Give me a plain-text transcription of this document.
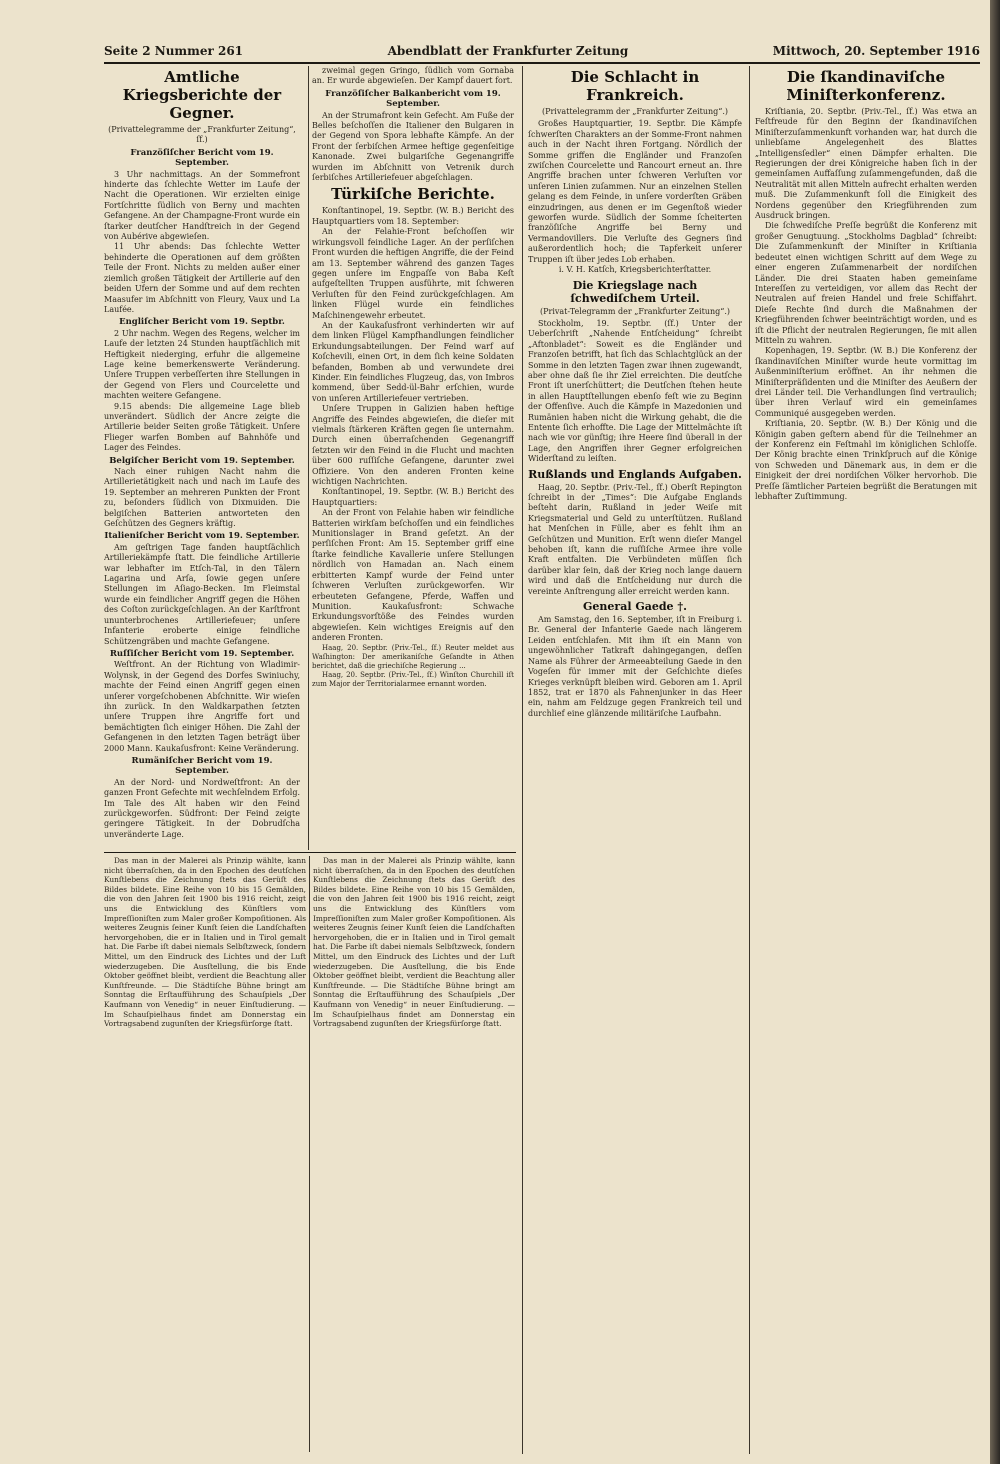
Seite 2 Nummer 261	Abendblatt der Frankfurter Zeitung	Mittwoch, 20. September 1916
Amtliche Kriegsberichte der Gegner.
(Privattelegramme der „Frankfurter Zeitung“, ſf.)
Franzöſiſcher Bericht vom 19. September.

3 Uhr nachmittags. An der Sommefront hinderte das ſchlechte Wetter im Laufe der Nacht die Operationen. Wir erzielten einige Fortſchritte ſüdlich von Berny und machten Gefangene. An der Champagne-Front wurde ein ſtarker deutſcher Handſtreich in der Gegend von Aubérive abgewieſen.

11 Uhr abends: Das ſchlechte Wetter behinderte die Operationen auf dem größten Teile der Front. Nichts zu melden außer einer ziemlich großen Tätigkeit der Artillerie auf den beiden Ufern der Somme und auf dem rechten Maasufer im Abſchnitt von Fleury, Vaux und La Laufée.

Engliſcher Bericht vom 19. Septbr.

2 Uhr nachm. Wegen des Regens, welcher im Laufe der letzten 24 Stunden hauptſächlich mit Heftigkeit niederging, erfuhr die allgemeine Lage keine bemerkenswerte Veränderung. Unſere Truppen verbeſſerten ihre Stellungen in der Gegend von Flers und Courcelette und machten weitere Gefangene.

9.15 abends: Die allgemeine Lage blieb unverändert. Südlich der Ancre zeigte die Artillerie beider Seiten große Tätigkeit. Unſere Flieger warfen Bomben auf Bahnhöfe und Lager des Feindes.

Belgiſcher Bericht vom 19. September.

Nach einer ruhigen Nacht nahm die Artillerietätigkeit nach und nach im Laufe des 19. September an mehreren Punkten der Front zu, beſonders ſüdlich von Dixmuiden. Die belgiſchen Batterien antworteten den Geſchützen des Gegners kräftig.

Italieniſcher Bericht vom 19. September.

Am geſtrigen Tage fanden hauptſächlich Artilleriekämpfe ſtatt. Die feindliche Artillerie war lebhafter im Etſch-Tal, in den Tälern Lagarina und Arſa, ſowie gegen unſere Stellungen im Aſiago-Becken. Im Fleimstal wurde ein feindlicher Angriff gegen die Höhen des Coſton zurückgeſchlagen. An der Karſtfront ununterbrochenes Artilleriefeuer; unſere Infanterie eroberte einige feindliche Schützengräben und machte Gefangene.

Ruſſiſcher Bericht vom 19. September.

Weſtfront. An der Richtung von Wladimir-Wolynsk, in der Gegend des Dorfes Swiniuchy, machte der Feind einen Angriff gegen einen unſerer vorgeſchobenen Abſchnitte. Wir wieſen ihn zurück. In den Waldkarpathen ſetzten unſere Truppen ihre Angriffe fort und bemächtigten ſich einiger Höhen. Die Zahl der Gefangenen in den letzten Tagen beträgt über 2000 Mann. Kaukaſusfront: Keine Veränderung.

Rumäniſcher Bericht vom 19. September.

An der Nord- und Nordweſtfront: An der ganzen Front Gefechte mit wechſelndem Erfolg. Im Tale des Alt haben wir den Feind zurückgeworfen. Südfront: Der Feind zeigte geringere Tätigkeit. In der Dobrudſcha unveränderte Lage.

zweimal gegen Gringo, ſüdlich vom Gornaba an. Er wurde abgewieſen. Der Kampf dauert fort.

Franzöſiſcher Balkanbericht vom 19. September.

An der Strumafront kein Gefecht. Am Fuße der Belles beſchoſſen die Italiener den Bulgaren in der Gegend von Spora lebhafte Kämpfe. An der Front der ſerbiſchen Armee heftige gegenſeitige Kanonade. Zwei bulgariſche Gegenangriffe wurden im Abſchnitt von Vetrenik durch ſerbiſches Artilleriefeuer abgeſchlagen.

Türkiſche Berichte.

Konſtantinopel, 19. Septbr. (W. B.) Bericht des Hauptquartiers vom 18. September:

An der Felahie-Front beſchoſſen wir wirkungsvoll feindliche Lager. An der perſiſchen Front wurden die heftigen Angriffe, die der Feind am 13. September während des ganzen Tages gegen unſere im Engpaſſe von Baba Keſt aufgeſtellten Truppen ausführte, mit ſchweren Verluſten für den Feind zurückgeſchlagen. Am linken Flügel wurde ein feindliches Maſchinengewehr erbeutet.

An der Kaukaſusfront verhinderten wir auf dem linken Flügel Kampfhandlungen feindlicher Erkundungsabteilungen. Der Feind warf auf Koſchevili, einen Ort, in dem ſich keine Soldaten befanden, Bomben ab und verwundete drei Kinder. Ein feindliches Flugzeug, das, von Imbros kommend, über Sedd-ül-Bahr erſchien, wurde von unſeren Artilleriefeuer vertrieben.

Unſere Truppen in Galizien haben heftige Angriffe des Feindes abgewieſen, die dieſer mit vielmals ſtärkeren Kräften gegen ſie unternahm. Durch einen überraſchenden Gegenangriff ſetzten wir den Feind in die Flucht und machten über 600 ruſſiſche Gefangene, darunter zwei Offiziere. Von den anderen Fronten keine wichtigen Nachrichten.

Konſtantinopel, 19. Septbr. (W. B.) Bericht des Hauptquartiers:

An der Front von Felahie haben wir feindliche Batterien wirkſam beſchoſſen und ein feindliches Munitionslager in Brand geſetzt. An der perſiſchen Front: Am 15. September griff eine ſtarke feindliche Kavallerie unſere Stellungen nördlich von Hamadan an. Nach einem erbitterten Kampf wurde der Feind unter ſchweren Verluſten zurückgeworfen. Wir erbeuteten Gefangene, Pferde, Waffen und Munition. Kaukaſusfront: Schwache Erkundungsvorſtöße des Feindes wurden abgewieſen. Kein wichtiges Ereignis auf den anderen Fronten.

Haag, 20. Septbr. (Priv.-Tel., ſf.) Reuter meldet aus Waſhington: Der amerikaniſche Geſandte in Athen berichtet, daß die griechiſche Regierung ...

Haag, 20. Septbr. (Priv.-Tel., ſf.) Winſton Churchill iſt zum Major der Territorialarmee ernannt worden.

Das man in der Malerei als Prinzip wählte, kann nicht überraſchen, da in den Epochen des deutſchen Kunſtlebens die Zeichnung ſtets das Gerüſt des Bildes bildete. Eine Reihe von 10 bis 15 Gemälden, die von den Jahren ſeit 1900 bis 1916 reicht, zeigt uns die Entwicklung des Künſtlers vom Impreſſioniſten zum Maler großer Kompoſitionen. Als weiteres Zeugnis ſeiner Kunſt ſeien die Landſchaften hervorgehoben, die er in Italien und in Tirol gemalt hat. Die Farbe iſt dabei niemals Selbſtzweck, ſondern Mittel, um den Eindruck des Lichtes und der Luft wiederzugeben. Die Ausſtellung, die bis Ende Oktober geöffnet bleibt, verdient die Beachtung aller Kunſtfreunde. — Die Städtiſche Bühne bringt am Sonntag die Erſtaufführung des Schauſpiels „Der Kaufmann von Venedig“ in neuer Einſtudierung. — Im Schauſpielhaus findet am Donnerstag ein Vortragsabend zugunſten der Kriegsfürſorge ſtatt.

Das man in der Malerei als Prinzip wählte, kann nicht überraſchen, da in den Epochen des deutſchen Kunſtlebens die Zeichnung ſtets das Gerüſt des Bildes bildete. Eine Reihe von 10 bis 15 Gemälden, die von den Jahren ſeit 1900 bis 1916 reicht, zeigt uns die Entwicklung des Künſtlers vom Impreſſioniſten zum Maler großer Kompoſitionen. Als weiteres Zeugnis ſeiner Kunſt ſeien die Landſchaften hervorgehoben, die er in Italien und in Tirol gemalt hat. Die Farbe iſt dabei niemals Selbſtzweck, ſondern Mittel, um den Eindruck des Lichtes und der Luft wiederzugeben. Die Ausſtellung, die bis Ende Oktober geöffnet bleibt, verdient die Beachtung aller Kunſtfreunde. — Die Städtiſche Bühne bringt am Sonntag die Erſtaufführung des Schauſpiels „Der Kaufmann von Venedig“ in neuer Einſtudierung. — Im Schauſpielhaus findet am Donnerstag ein Vortragsabend zugunſten der Kriegsfürſorge ſtatt.

Die Schlacht in Frankreich.
(Privattelegramm der „Frankfurter Zeitung“.)

Großes Hauptquartier, 19. Septbr. Die Kämpfe ſchwerſten Charakters an der Somme-Front nahmen auch in der Nacht ihren Fortgang. Nördlich der Somme griffen die Engländer und Franzoſen zwiſchen Courcelette und Rancourt erneut an. Ihre Angriffe brachen unter ſchweren Verluſten vor unſeren Linien zuſammen. Nur an einzelnen Stellen gelang es dem Feinde, in unſere vorderſten Gräben einzudringen, aus denen er im Gegenſtoß wieder geworfen wurde. Südlich der Somme ſcheiterten franzöſiſche Angriffe bei Berny und Vermandovillers. Die Verluſte des Gegners ſind außerordentlich hoch; die Tapferkeit unſerer Truppen iſt über jedes Lob erhaben.

i. V. H. Katſch, Kriegsberichterſtatter.
Die Kriegslage nach ſchwediſchem Urteil.
(Privat-Telegramm der „Frankfurter Zeitung“.)

Stockholm, 19. Septbr. (ſf.) Unter der Ueberſchrift „Nahende Entſcheidung“ ſchreibt „Aftonbladet“: Soweit es die Engländer und Franzoſen betrifft, hat ſich das Schlachtglück an der Somme in den letzten Tagen zwar ihnen zugewandt, aber ohne daß ſie ihr Ziel erreichten. Die deutſche Front iſt unerſchüttert; die Deutſchen ſtehen heute in allen Hauptſtellungen ebenſo feſt wie zu Beginn der Offenſive. Auch die Kämpfe in Mazedonien und Rumänien haben nicht die Wirkung gehabt, die die Entente ſich erhoffte. Die Lage der Mittelmächte iſt nach wie vor günſtig; ihre Heere ſind überall in der Lage, den Angriffen ihrer Gegner erfolgreichen Widerſtand zu leiſten.

Rußlands und Englands Aufgaben.

Haag, 20. Septbr. (Priv.-Tel., ſf.) Oberſt Repington ſchreibt in der „Times“: Die Aufgabe Englands beſteht darin, Rußland in jeder Weiſe mit Kriegsmaterial und Geld zu unterſtützen. Rußland hat Menſchen in Fülle, aber es fehlt ihm an Geſchützen und Munition. Erſt wenn dieſer Mangel behoben iſt, kann die ruſſiſche Armee ihre volle Kraft entfalten. Die Verbündeten müſſen ſich darüber klar ſein, daß der Krieg noch lange dauern wird und daß die Entſcheidung nur durch die vereinte Anſtrengung aller erreicht werden kann.

General Gaede †.

Am Samstag, den 16. September, iſt in Freiburg i. Br. General der Infanterie Gaede nach längerem Leiden entſchlafen. Mit ihm iſt ein Mann von ungewöhnlicher Tatkraft dahingegangen, deſſen Name als Führer der Armeeabteilung Gaede in den Vogeſen für immer mit der Geſchichte dieſes Krieges verknüpft bleiben wird. Geboren am 1. April 1852, trat er 1870 als Fahnenjunker in das Heer ein, nahm am Feldzuge gegen Frankreich teil und durchlief eine glänzende militäriſche Laufbahn.

Die ſkandinaviſche Miniſterkonferenz.

Kriſtiania, 20. Septbr. (Priv.-Tel., ſf.) Was etwa an Feſtfreude für den Beginn der ſkandinaviſchen Miniſterzuſammenkunft vorhanden war, hat durch die unliebſame Angelegenheit des Blattes „Intelligensſedler“ einen Dämpfer erhalten. Die Regierungen der drei Königreiche haben ſich in der gemeinſamen Auffaſſung zuſammengefunden, daß die Neutralität mit allen Mitteln aufrecht erhalten werden muß. Die Zuſammenkunft ſoll die Einigkeit des Nordens gegenüber den Kriegführenden zum Ausdruck bringen.

Die ſchwediſche Preſſe begrüßt die Konferenz mit großer Genugtuung. „Stockholms Dagblad“ ſchreibt: Die Zuſammenkunft der Miniſter in Kriſtiania bedeutet einen wichtigen Schritt auf dem Wege zu einer engeren Zuſammenarbeit der nordiſchen Länder. Die drei Staaten haben gemeinſame Intereſſen zu verteidigen, vor allem das Recht der Neutralen auf freien Handel und freie Schiffahrt. Dieſe Rechte ſind durch die Maßnahmen der Kriegführenden ſchwer beeinträchtigt worden, und es iſt die Pflicht der neutralen Regierungen, ſie mit allen Mitteln zu wahren.

Kopenhagen, 19. Septbr. (W. B.) Die Konferenz der ſkandinaviſchen Miniſter wurde heute vormittag im Außenminiſterium eröffnet. An ihr nehmen die Miniſterpräſidenten und die Miniſter des Aeußern der drei Länder teil. Die Verhandlungen ſind vertraulich; über ihren Verlauf wird ein gemeinſames Communiqué ausgegeben werden.

Kriſtiania, 20. Septbr. (W. B.) Der König und die Königin gaben geſtern abend für die Teilnehmer an der Konferenz ein Feſtmahl im königlichen Schloſſe. Der König brachte einen Trinkſpruch auf die Könige von Schweden und Dänemark aus, in dem er die Einigkeit der drei nordiſchen Völker hervorhob. Die Preſſe ſämtlicher Parteien begrüßt die Beratungen mit lebhafter Zuſtimmung.
